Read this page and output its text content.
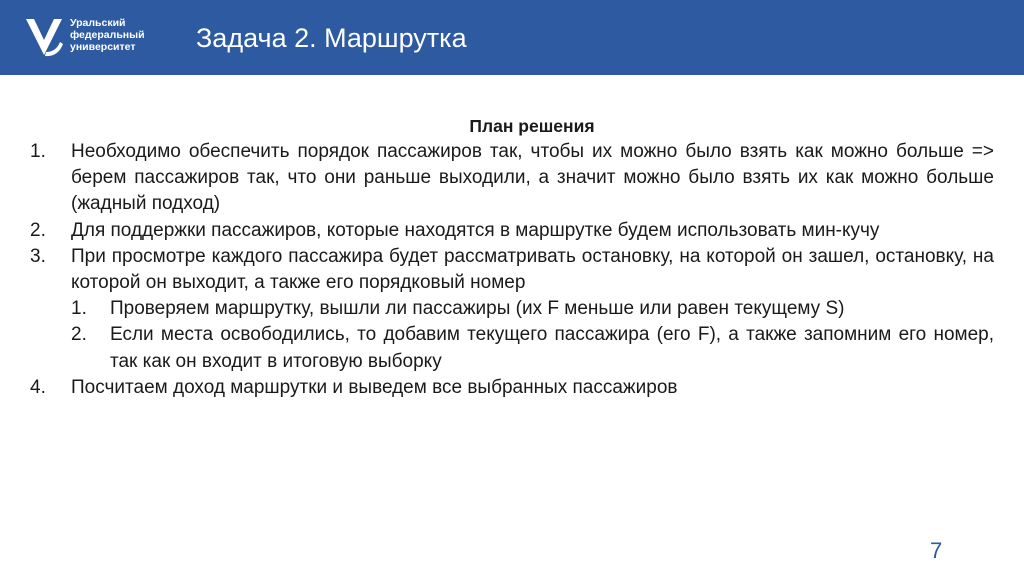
Уральский
федеральный
университет	Задача 2. Маршрутка
План решения
1. Необходимо обеспечить порядок пассажиров так, чтобы их можно было взять как можно больше => берем пассажиров так, что они раньше выходили, а значит можно было взять их как можно больше (жадный подход)
2. Для поддержки пассажиров, которые находятся в маршрутке будем использовать мин-кучу
3. При просмотре каждого пассажира будет рассматривать остановку, на которой он зашел, остановку, на которой он выходит, а также его порядковый номер
1. Проверяем маршрутку, вышли ли пассажиры (их F меньше или равен текущему S)
2. Если места освободились, то добавим текущего пассажира (его F), а также запомним его номер, так как он входит в итоговую выборку
4. Посчитаем доход маршрутки и выведем все выбранных пассажиров
7
